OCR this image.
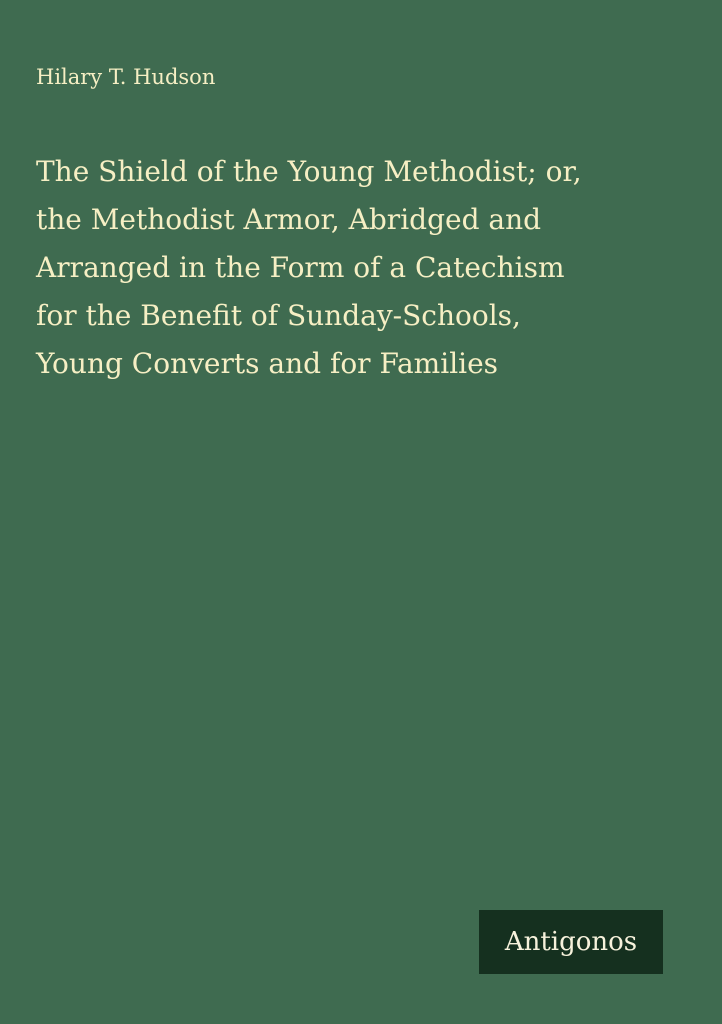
Hilary T. Hudson
The Shield of the Young Methodist; or,
the Methodist Armor, Abridged and
Arranged in the Form of a Catechism
for the Benefit of Sunday-Schools,
Young Converts and for Families
Antigonos
